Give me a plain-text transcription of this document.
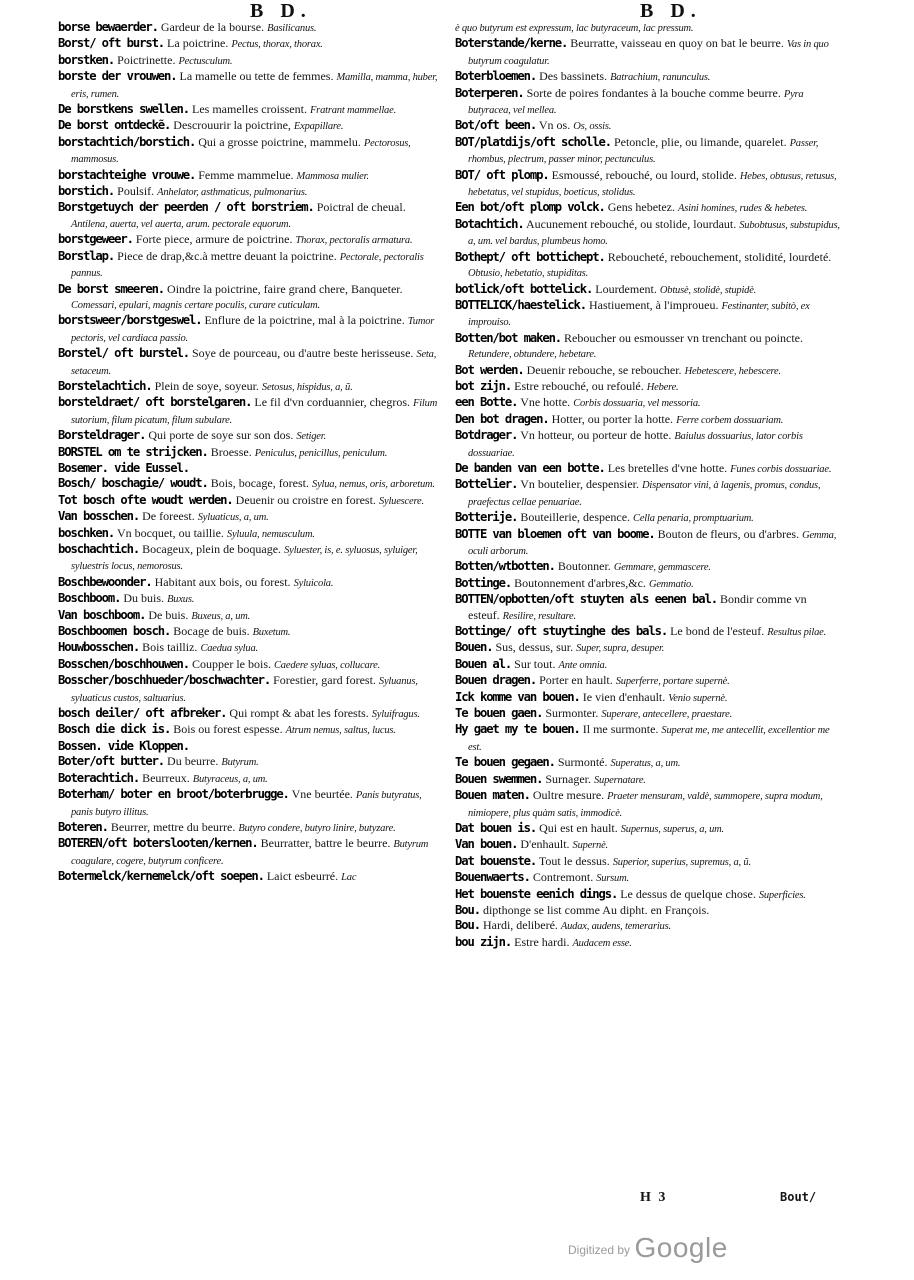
B D.	B D.

borse bewaerder. Gardeur de la bourse. Basilicanus.

Borst/ oft burst. La poictrine. Pectus, thorax, thorax.

borstken. Poictrinette. Pectusculum.

borste der vrouwen. La mamelle ou tette de femmes. Mamilla, mamma, huber, eris, rumen.

De borstkens swellen. Les mamelles croissent. Fratrant mammellae.

De borst ontdeckẽ. Descrouurir la poictrine, Expapillare.

borstachtich/borstich. Qui a grosse poictrine, mammelu. Pectorosus, mammosus.

borstachteighe vrouwe. Femme mammelue. Mammosa mulier.

borstich. Poulsif. Anhelator, asthmaticus, pulmonarius.

Borstgetuych der peerden / oft borstriem. Poictral de cheual. Antilena, auerta, vel auerta, arum. pectorale equorum.

borstgeweer. Forte piece, armure de poictrine. Thorax, pectoralis armatura.

Borstlap. Piece de drap,&c.à mettre deuant la poictrine. Pectorale, pectoralis pannus.

De borst smeeren. Oindre la poictrine, faire grand chere, Banqueter. Comessari, epulari, magnis certare poculis, curare cuticulam.

borstsweer/borstgeswel. Enflure de la poictrine, mal à la poictrine. Tumor pectoris, vel cardiaca passio.

Borstel/ oft burstel. Soye de pourceau, ou d'autre beste herisseuse. Seta, setaceum.

Borstelachtich. Plein de soye, soyeur. Setosus, hispidus, a, ũ.

borsteldraet/ oft borstelgaren. Le fil d'vn corduannier, chegros. Filum sutorium, filum picatum, filum subulare.

Borsteldrager. Qui porte de soye sur son dos. Setiger.

BORSTEL om te strijcken. Broesse. Peniculus, penicillus, peniculum.

Bosemer. vide Eussel.

Bosch/ boschagie/ woudt. Bois, bocage, forest. Sylua, nemus, oris, arboretum.

Tot bosch ofte woudt werden. Deuenir ou croistre en forest. Syluescere.

Van bosschen. De foreest. Syluaticus, a, um.

boschken. Vn bocquet, ou taillie. Syluula, nemusculum.

boschachtich. Bocageux, plein de boquage. Syluester, is, e. syluosus, syluiger, syluestris locus, nemorosus.

Boschbewoonder. Habitant aux bois, ou forest. Syluicola.

Boschboom. Du buis. Buxus.

Van boschboom. De buis. Buxeus, a, um.

Boschboomen bosch. Bocage de buis. Buxetum.

Houwbosschen. Bois tailliz. Caedua sylua.

Bosschen/boschhouwen. Coupper le bois. Caedere syluas, collucare.

Bosscher/boschhueder/boschwachter. Forestier, gard forest. Syluanus, syluaticus custos, saltuarius.

bosch deiler/ oft afbreker. Qui rompt & abat les forests. Syluifragus.

Bosch die dick is. Bois ou forest espesse. Atrum nemus, saltus, lucus.

Bossen. vide Kloppen.

Boter/oft butter. Du beurre. Butyrum.

Boterachtich. Beurreux. Butyraceus, a, um.

Boterham/ boter en broot/boterbrugge. Vne beurtée. Panis butyratus, panis butyro illitus.

Boteren. Beurrer, mettre du beurre. Butyro condere, butyro linire, butyzare.

BOTEREN/oft boterslooten/kernen. Beurratter, battre le beurre. Butyrum coagulare, cogere, butyrum conficere.

Botermelck/kernemelck/oft soepen. Laict esbeurré. Lac

è quo butyrum est expressum, lac butyraceum, lac pressum.

Boterstande/kerne. Beurratte, vaisseau en quoy on bat le beurre. Vas in quo butyrum coagulatur.

Boterbloemen. Des bassinets. Batrachium, ranunculus.

Boterperen. Sorte de poires fondantes à la bouche comme beurre. Pyra butyracea, vel mellea.

Bot/oft been. Vn os. Os, ossis.

BOT/platdijs/oft scholle. Petoncle, plie, ou limande, quarelet. Passer, rhombus, plectrum, passer minor, pectunculus.

BOT/ oft plomp. Esmoussé, rebouché, ou lourd, stolide. Hebes, obtusus, retusus, hebetatus, vel stupidus, boeticus, stolidus.

Een bot/oft plomp volck. Gens hebetez. Asini homines, rudes & hebetes.

Botachtich. Aucunement rebouché, ou stolide, lourdaut. Subobtusus, substupidus, a, um. vel bardus, plumbeus homo.

Bothept/ oft bottichept. Reboucheté, rebouchement, stolidité, lourdeté. Obtusio, hebetatio, stupiditas.

botlick/oft bottelick. Lourdement. Obtusè, stolidè, stupidè.

BOTTELICK/haestelick. Hastiuement, à l'improueu. Festinanter, subitò, ex improuiso.

Botten/bot maken. Reboucher ou esmousser vn trenchant ou poincte. Retundere, obtundere, hebetare.

Bot werden. Deuenir rebouche, se reboucher. Hebetescere, hebescere.

bot zijn. Estre rebouché, ou refoulé. Hebere.

een Botte. Vne hotte. Corbis dossuaria, vel messoria.

Den bot dragen. Hotter, ou porter la hotte. Ferre corbem dossuariam.

Botdrager. Vn hotteur, ou porteur de hotte. Baiulus dossuarius, lator corbis dossuariae.

De banden van een botte. Les bretelles d'vne hotte. Funes corbis dossuariae.

Bottelier. Vn boutelier, despensier. Dispensator vini, à lagenis, promus, condus, praefectus cellae penuariae.

Botterije. Bouteillerie, despence. Cella penaria, promptuarium.

BOTTE van bloemen oft van boome. Bouton de fleurs, ou d'arbres. Gemma, oculi arborum.

Botten/wtbotten. Boutonner. Gemmare, gemmascere.

Bottinge. Boutonnement d'arbres,&c. Gemmatio.

BOTTEN/opbotten/oft stuyten als eenen bal. Bondir comme vn esteuf. Resilire, resultare.

Bottinge/ oft stuytinghe des bals. Le bond de l'esteuf. Resultus pilae.

Bouen. Sus, dessus, sur. Super, supra, desuper.

Bouen al. Sur tout. Ante omnia.

Bouen dragen. Porter en hault. Superferre, portare supernè.

Ick komme van bouen. Ie vien d'enhault. Venio supernè.

Te bouen gaen. Surmonter. Superare, antecellere, praestare.

Hy gaet my te bouen. Il me surmonte. Superat me, me antecellit, excellentior me est.

Te bouen gegaen. Surmonté. Superatus, a, um.

Bouen swemmen. Surnager. Supernatare.

Bouen maten. Oultre mesure. Praeter mensuram, valdè, summopere, supra modum, nimiopere, plus quàm satis, immodicè.

Dat bouen is. Qui est en hault. Supernus, superus, a, um.

Van bouen. D'enhault. Supernè.

Dat bouenste. Tout le dessus. Superior, superius, supremus, a, ũ.

Bouenwaerts. Contremont. Sursum.

Het bouenste eenich dings. Le dessus de quelque chose. Superficies.

Bou. dipthonge se list comme Au dipht. en François.

Bou. Hardi, deliberé. Audax, audens, temerarius.

bou zijn. Estre hardi. Audacem esse.

H 3	Bout/
Digitized by Google
